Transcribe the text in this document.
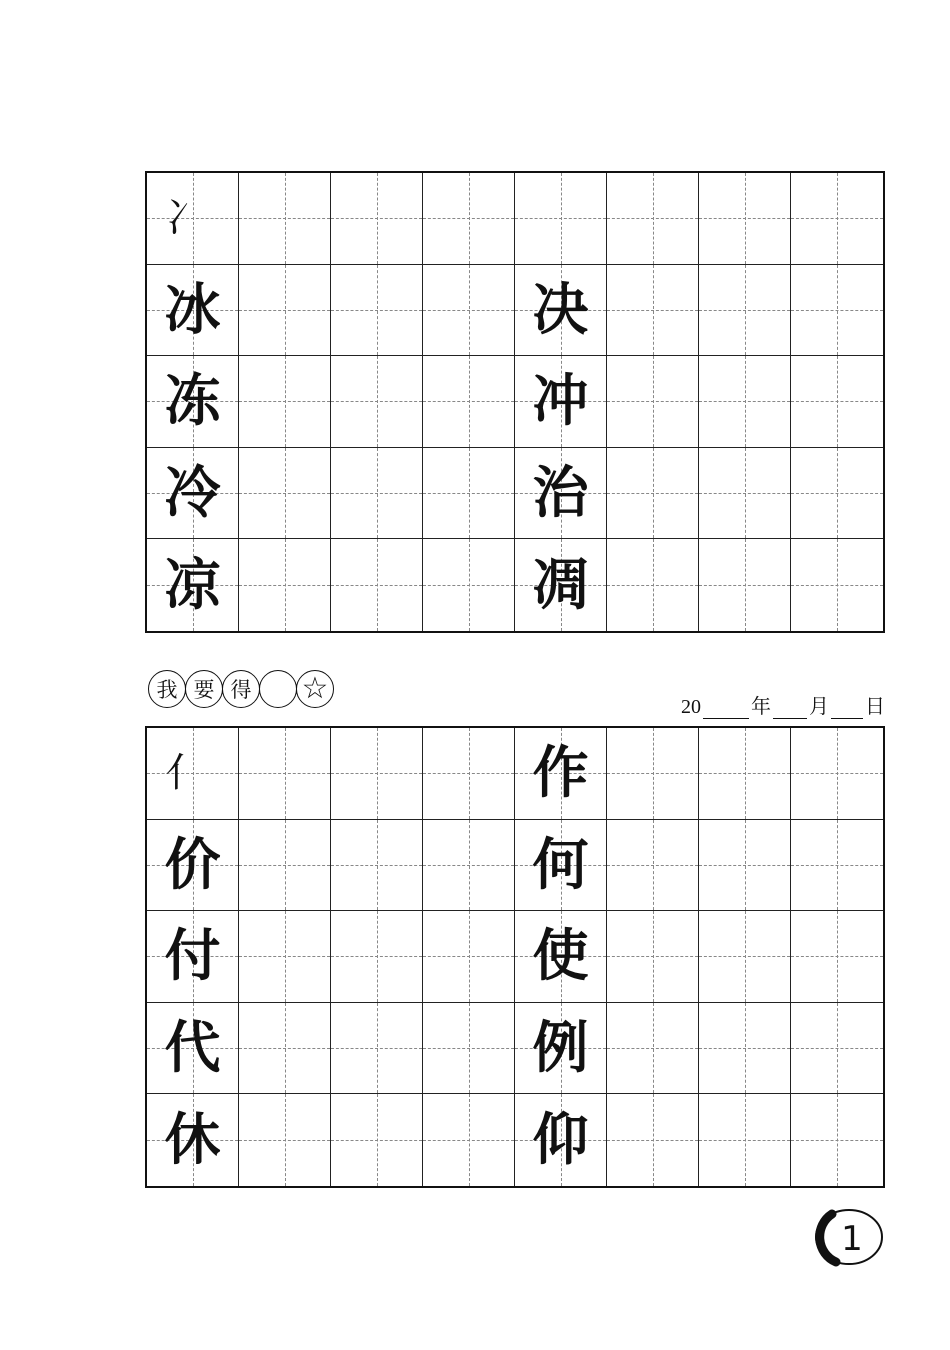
冫
冰	决
冻	冲
冷	治
凉	凋
我 要 得 ☆
20	年 月 日
亻	作
价	何
付	使
代	例
休	仰
1
